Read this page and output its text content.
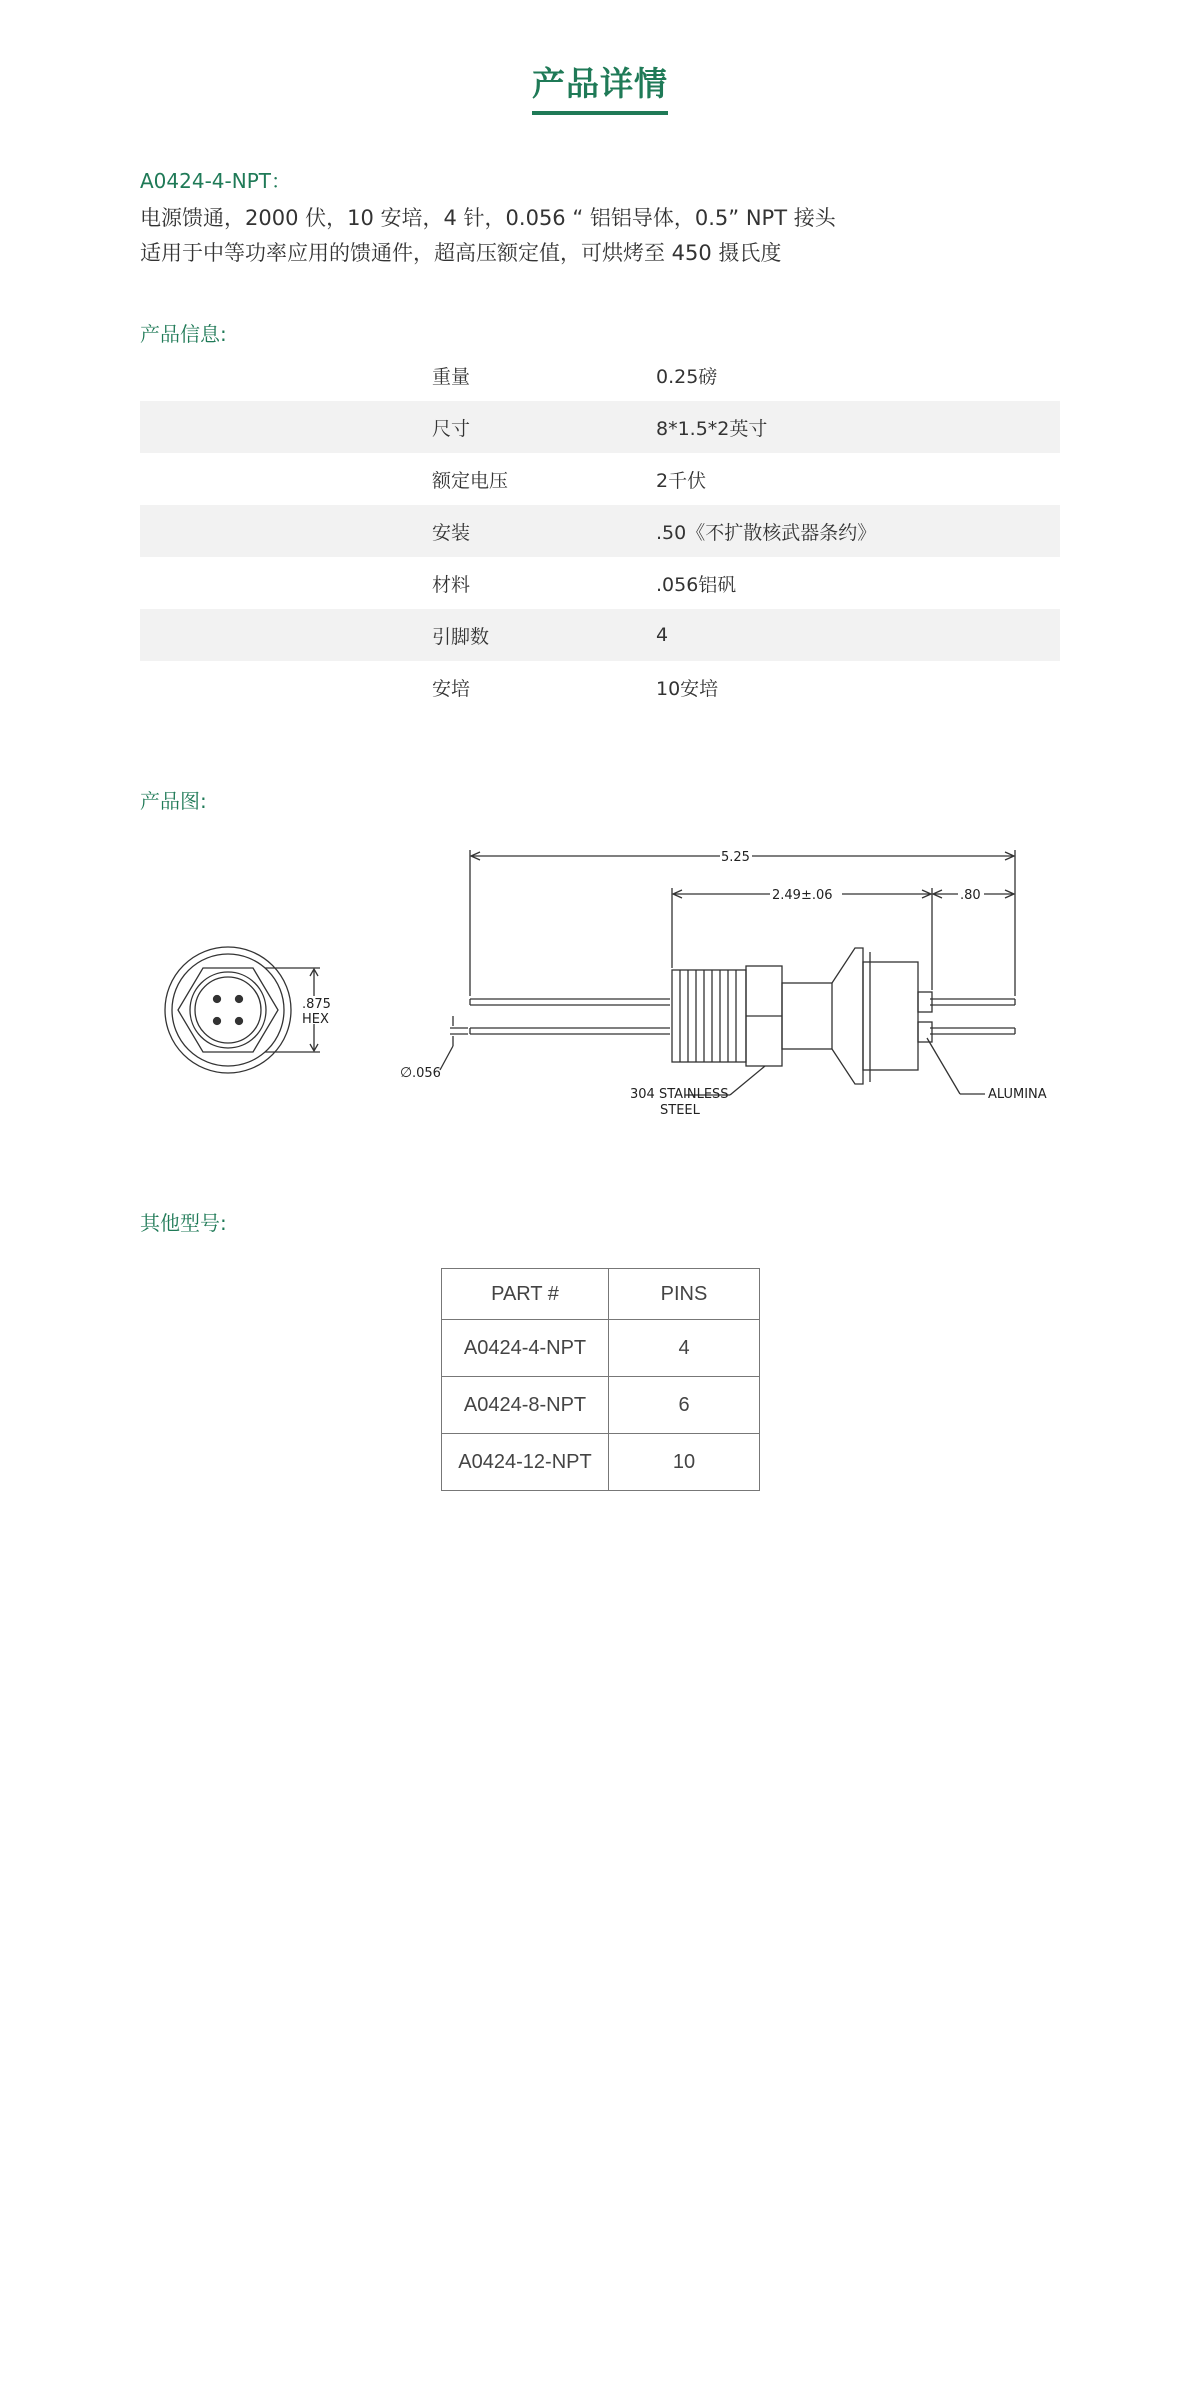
产品详情
A0424-4-NPT：
电源馈通，2000 伏，10 安培，4 针，0.056 “ 铝铝导体，0.5” NPT 接头
适用于中等功率应用的馈通件，超高压额定值，可烘烤至 450 摄氏度
产品信息:
重量	0.25磅
尺寸	8*1.5*2英寸
额定电压	2千伏
安装	.50《不扩散核武器条约》
材料	.056铝矾
引脚数	4
安培	10安培
产品图:
.875
HEX
5.25
2.49±.06	.80
∅ .056
304 STAINLESS
STEEL
ALUMINA
其他型号:
PART #	PINS
A0424-4-NPT	4
A0424-8-NPT	6
A0424-12-NPT	10
